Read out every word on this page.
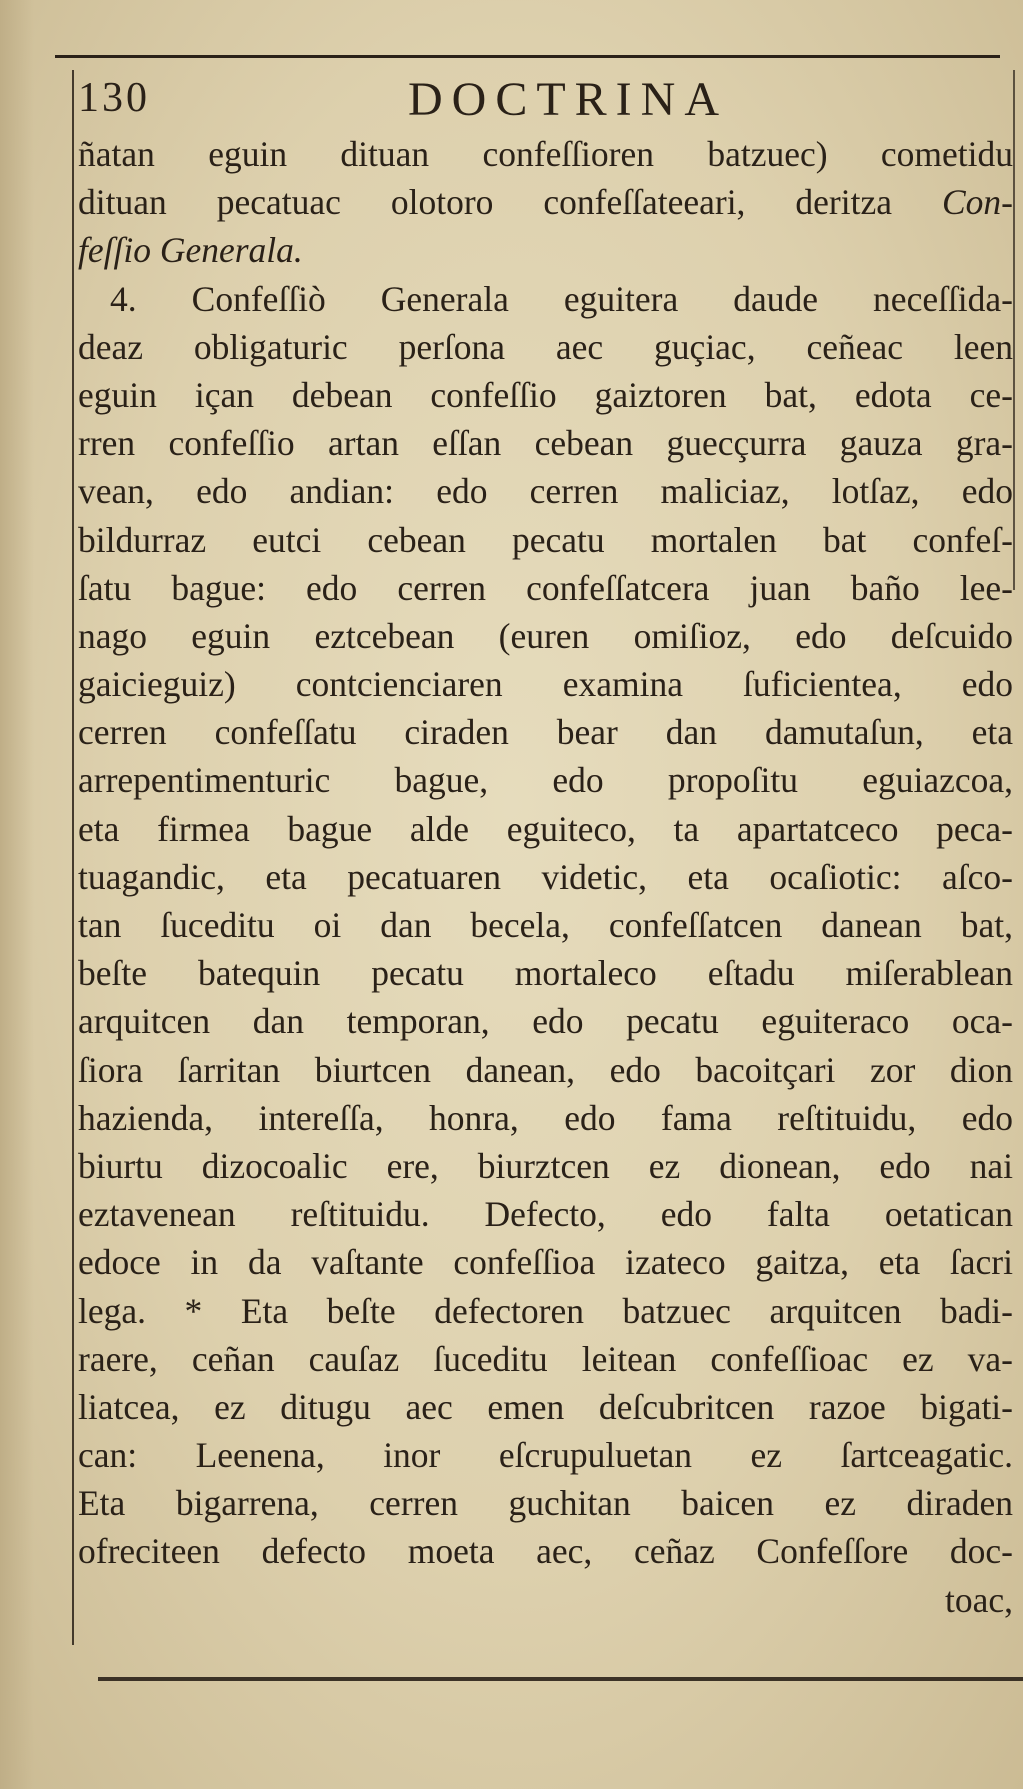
130	DOCTRINA
ñatan eguin dituan confeſſioren batzuec) cometidu
dituan pecatuac olotoro confeſſateeari, deritza Con-
feſſio Generala.
4. Confeſſiò Generala eguitera daude neceſſida-
deaz obligaturic perſona aec guçiac, ceñeac leen
eguin içan debean confeſſio gaiztoren bat, edota ce-
rren confeſſio artan eſſan cebean guecçurra gauza gra-
vean, edo andian: edo cerren maliciaz, lotſaz, edo
bildurraz eutci cebean pecatu mortalen bat confeſ-
ſatu bague: edo cerren confeſſatcera juan baño lee-
nago eguin eztcebean (euren omiſioz, edo deſcuido
gaicieguiz) contcienciaren examina ſuficientea, edo
cerren confeſſatu ciraden bear dan damutaſun, eta
arrepentimenturic bague, edo propoſitu eguiazcoa,
eta firmea bague alde eguiteco, ta apartatceco peca-
tuagandic, eta pecatuaren videtic, eta ocaſiotic: aſco-
tan ſuceditu oi dan becela, confeſſatcen danean bat,
beſte batequin pecatu mortaleco eſtadu miſerablean
arquitcen dan temporan, edo pecatu eguiteraco oca-
ſiora ſarritan biurtcen danean, edo bacoitçari zor dion
hazienda, intereſſa, honra, edo fama reſtituidu, edo
biurtu dizocoalic ere, biurztcen ez dionean, edo nai
eztavenean reſtituidu. Defecto, edo falta oetatican
edoce in da vaſtante confeſſioa izateco gaitza, eta ſacri
lega. * Eta beſte defectoren batzuec arquitcen badi-
raere, ceñan cauſaz ſuceditu leitean confeſſioac ez va-
liatcea, ez ditugu aec emen deſcubritcen razoe bigati-
can: Leenena, inor eſcrupuluetan ez ſartceagatic.
Eta bigarrena, cerren guchitan baicen ez diraden
ofreciteen defecto moeta aec, ceñaz Confeſſore doc-
toac,
